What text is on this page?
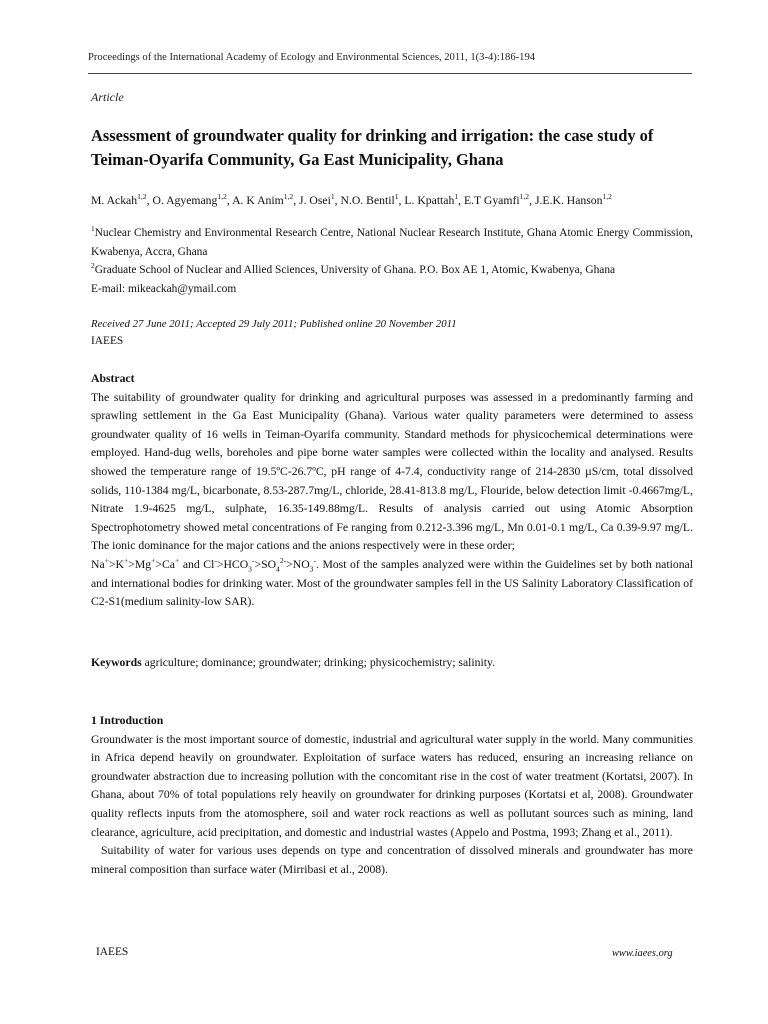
Proceedings of the International Academy of Ecology and Environmental Sciences, 2011, 1(3-4):186-194
Article
Assessment of groundwater quality for drinking and irrigation: the case study of Teiman-Oyarifa Community, Ga East Municipality, Ghana
M. Ackah$^{1,2}$, O. Agyemang$^{1,2}$, A. K Anim$^{1,2}$, J. Osei$^1$, N.O. Bentil$^1$, L. Kpattah$^1$, E.T Gyamfi$^{1,2}$, J.E.K. Hanson$^{1,2}$

$^1$Nuclear Chemistry and Environmental Research Centre, National Nuclear Research Institute, Ghana Atomic Energy Commission, Kwabenya, Accra, Ghana

$^2$Graduate School of Nuclear and Allied Sciences, University of Ghana. P.O. Box AE 1, Atomic, Kwabenya, Ghana

E-mail: mikeackah@ymail.com

Received 27 June 2011; Accepted 29 July 2011; Published online 20 November 2011
IAEES

Abstract

The suitability of groundwater quality for drinking and agricultural purposes was assessed in a predominantly farming and sprawling settlement in the Ga East Municipality (Ghana). Various water quality parameters were determined to assess groundwater quality of 16 wells in Teiman-Oyarifa community. Standard methods for physicochemical determinations were employed. Hand-dug wells, boreholes and pipe borne water samples were collected within the locality and analysed. Results showed the temperature range of 19.5ºC-26.7ºC, pH range of 4-7.4, conductivity range of 214-2830 µS/cm, total dissolved solids, 110-1384 mg/L, bicarbonate, 8.53-287.7mg/L, chloride, 28.41-813.8 mg/L, Flouride, below detection limit -0.4667mg/L, Nitrate 1.9-4625 mg/L, sulphate, 16.35-149.88mg/L. Results of analysis carried out using Atomic Absorption Spectrophotometry showed metal concentrations of Fe ranging from 0.212-3.396 mg/L, Mn 0.01-0.1 mg/L, Ca 0.39-9.97 mg/L. The ionic dominance for the major cations and the anions respectively were in these order;
Na+>K+>Mg+>Ca+ and $Cl^->HCO_3^->SO_4^{2-}>NO_3^-$. Most of the samples analyzed were within the Guidelines set by both national and international bodies for drinking water. Most of the groundwater samples fell in the US Salinity Laboratory Classification of C2-S1(medium salinity-low SAR).

Keywords agriculture; dominance; groundwater; drinking; physicochemistry; salinity.

1 Introduction

Groundwater is the most important source of domestic, industrial and agricultural water supply in the world. Many communities in Africa depend heavily on groundwater. Exploitation of surface waters has reduced, ensuring an increasing reliance on groundwater abstraction due to increasing pollution with the concomitant rise in the cost of water treatment (Kortatsi, 2007). In Ghana, about 70% of total populations rely heavily on groundwater for drinking purposes (Kortatsi et al, 2008). Groundwater quality reflects inputs from the atomosphere, soil and water rock reactions as well as pollutant sources such as mining, land clearance, agriculture, acid precipitation, and domestic and industrial wastes (Appelo and Postma, 1993; Zhang et al., 2011).

Suitability of water for various uses depends on type and concentration of dissolved minerals and groundwater has more mineral composition than surface water (Mirribasi et al., 2008).

IAEES	www.iaees.org
